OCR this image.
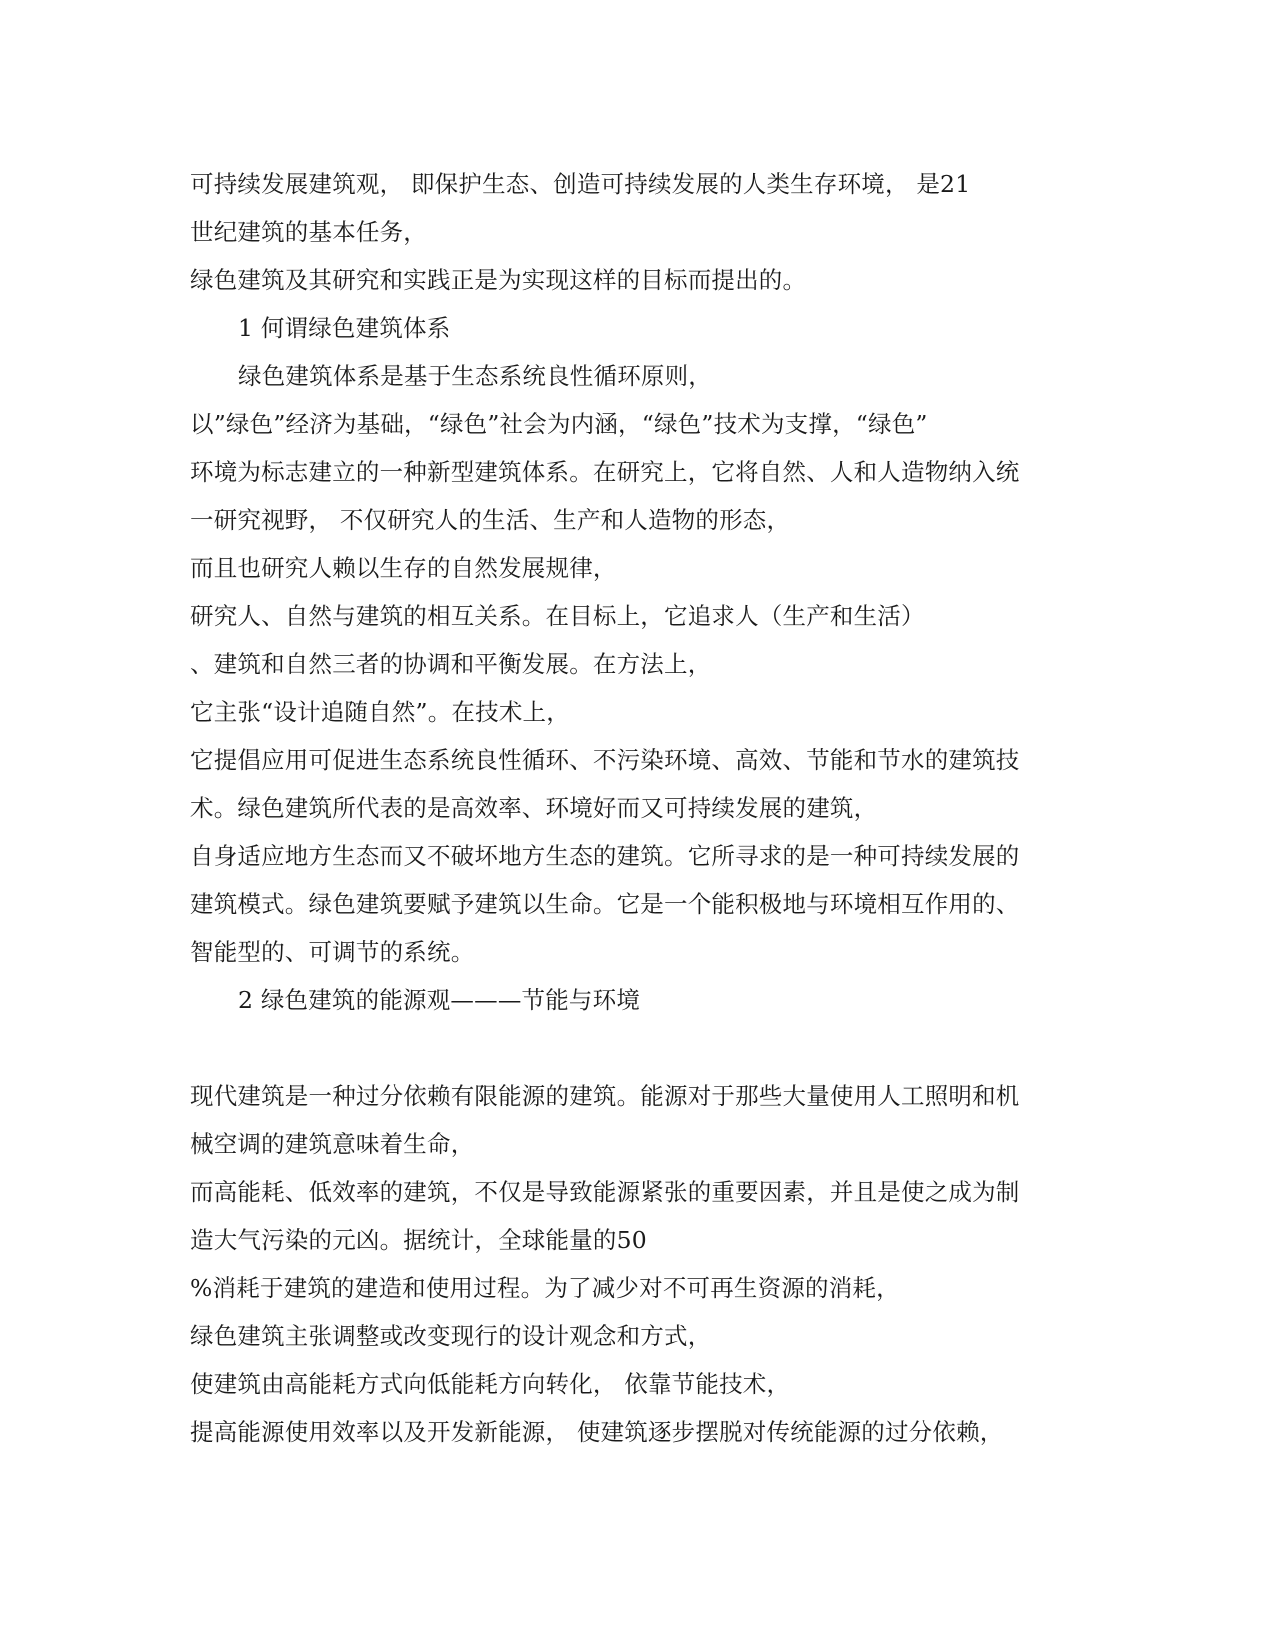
可持续发展建筑观， 即保护生态、创造可持续发展的人类生存环境， 是21
世纪建筑的基本任务，
绿色建筑及其研究和实践正是为实现这样的目标而提出的。
1 何谓绿色建筑体系
绿色建筑体系是基于生态系统良性循环原则，
以”绿色”经济为基础，“绿色”社会为内涵，“绿色”技术为支撑，“绿色”
环境为标志建立的一种新型建筑体系。在研究上，它将自然、人和人造物纳入统
一研究视野， 不仅研究人的生活、生产和人造物的形态，
而且也研究人赖以生存的自然发展规律，
研究人、自然与建筑的相互关系。在目标上，它追求人（生产和生活）
、建筑和自然三者的协调和平衡发展。在方法上，
它主张“设计追随自然”。在技术上，
它提倡应用可促进生态系统良性循环、不污染环境、高效、节能和节水的建筑技
术。绿色建筑所代表的是高效率、环境好而又可持续发展的建筑，
自身适应地方生态而又不破坏地方生态的建筑。它所寻求的是一种可持续发展的
建筑模式。绿色建筑要赋予建筑以生命。它是一个能积极地与环境相互作用的、
智能型的、可调节的系统。
2 绿色建筑的能源观———节能与环境
现代建筑是一种过分依赖有限能源的建筑。能源对于那些大量使用人工照明和机
械空调的建筑意味着生命，
而高能耗、低效率的建筑，不仅是导致能源紧张的重要因素，并且是使之成为制
造大气污染的元凶。据统计，全球能量的50
%消耗于建筑的建造和使用过程。为了减少对不可再生资源的消耗，
绿色建筑主张调整或改变现行的设计观念和方式，
使建筑由高能耗方式向低能耗方向转化， 依靠节能技术，
提高能源使用效率以及开发新能源， 使建筑逐步摆脱对传统能源的过分依赖，
